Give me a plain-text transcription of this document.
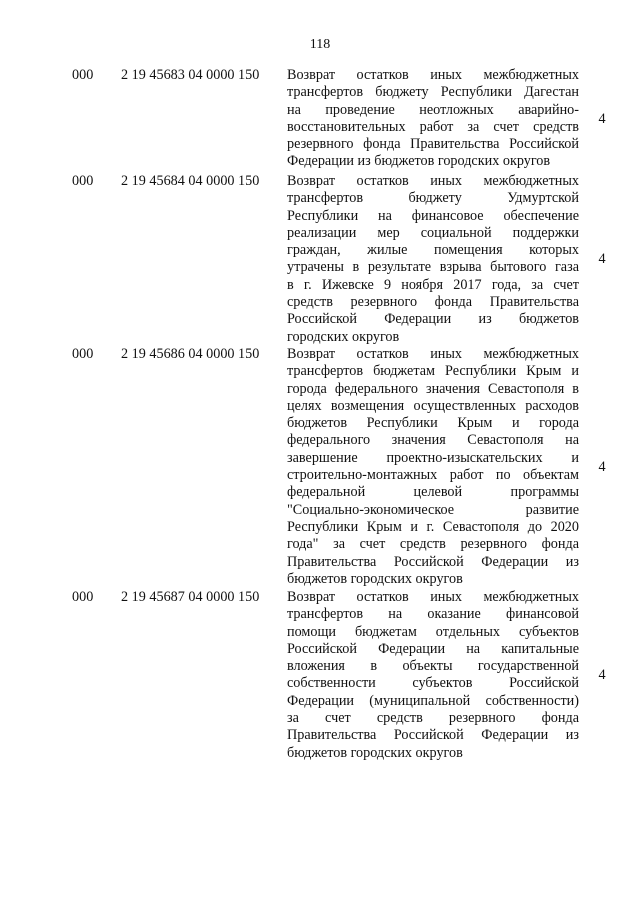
118
000 2 19 45683 04 0000 150 Возврат остатков иных межбюджетных
трансфертов бюджету Республики Дагестан
на проведение неотложных аварийно-
восстановительных работ за счет средств
резервного фонда Правительства Российской
Федерации из бюджетов городских округов
4
000 2 19 45684 04 0000 150 Возврат остатков иных межбюджетных
трансфертов бюджету Удмуртской
Республики на финансовое обеспечение
реализации мер социальной поддержки
граждан, жилые помещения которых
утрачены в результате взрыва бытового газа
в г. Ижевске 9 ноября 2017 года, за счет
средств резервного фонда Правительства
Российской Федерации из бюджетов
городских округов
4
000 2 19 45686 04 0000 150 Возврат остатков иных межбюджетных
трансфертов бюджетам Республики Крым и
города федерального значения Севастополя в
целях возмещения осуществленных расходов
бюджетов Республики Крым и города
федерального значения Севастополя на
завершение проектно-изыскательских и
строительно-монтажных работ по объектам
федеральной целевой программы
"Социально-экономическое развитие
Республики Крым и г. Севастополя до 2020
года" за счет средств резервного фонда
Правительства Российской Федерации из
бюджетов городских округов
4
000 2 19 45687 04 0000 150 Возврат остатков иных межбюджетных
трансфертов на оказание финансовой
помощи бюджетам отдельных субъектов
Российской Федерации на капитальные
вложения в объекты государственной
собственности субъектов Российской
Федерации (муниципальной собственности)
за счет средств резервного фонда
Правительства Российской Федерации из
бюджетов городских округов
4
